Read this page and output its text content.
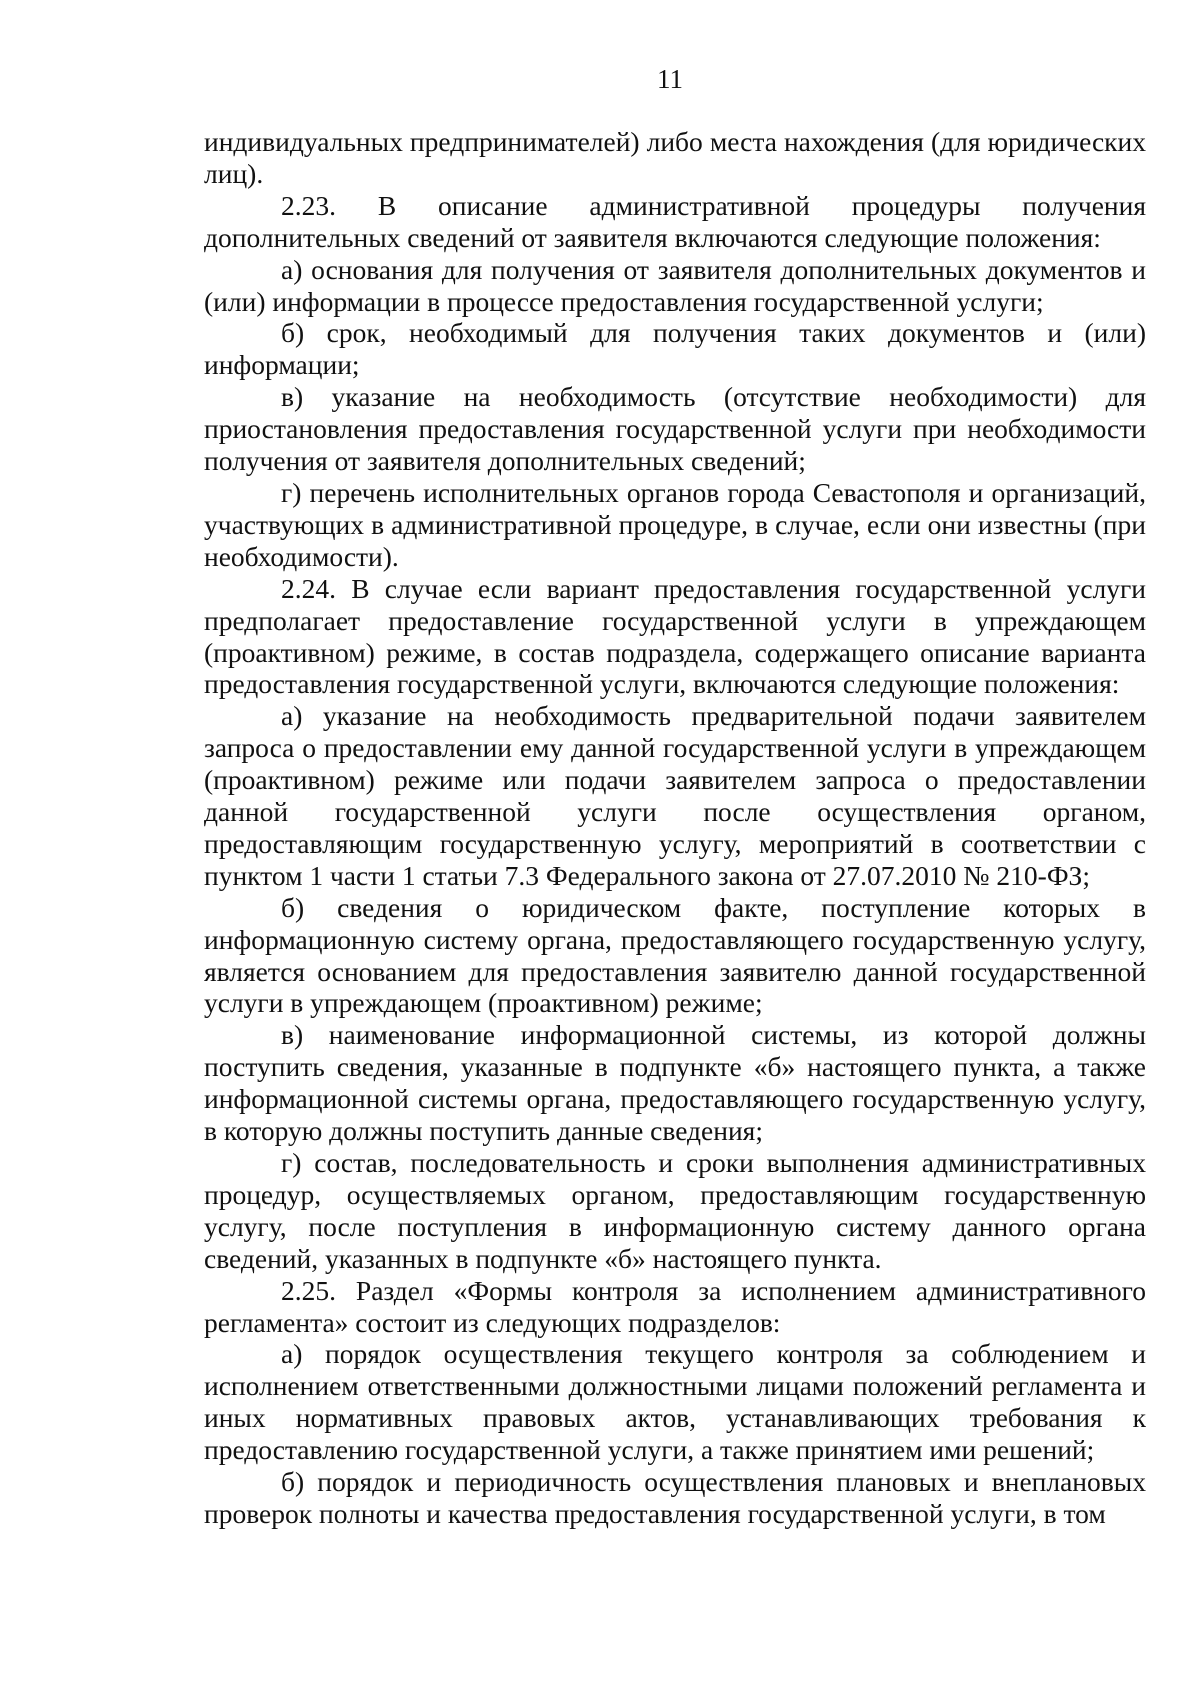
11

индивидуальных предпринимателей) либо места нахождения (для юридических лиц).

2.23. В описание административной процедуры получения дополнительных сведений от заявителя включаются следующие положения:

а) основания для получения от заявителя дополнительных документов и (или) информации в процессе предоставления государственной услуги;

б) срок, необходимый для получения таких документов и (или) информации;

в) указание на необходимость (отсутствие необходимости) для приостановления предоставления государственной услуги при необходимости получения от заявителя дополнительных сведений;

г) перечень исполнительных органов города Севастополя и организаций, участвующих в административной процедуре, в случае, если они известны (при необходимости).

2.24. В случае если вариант предоставления государственной услуги предполагает предоставление государственной услуги в упреждающем (проактивном) режиме, в состав подраздела, содержащего описание варианта предоставления государственной услуги, включаются следующие положения:

а) указание на необходимость предварительной подачи заявителем запроса о предоставлении ему данной государственной услуги в упреждающем (проактивном) режиме или подачи заявителем запроса о предоставлении данной государственной услуги после осуществления органом, предоставляющим государственную услугу, мероприятий в соответствии с пунктом 1 части 1 статьи 7.3 Федерального закона от 27.07.2010 № 210-ФЗ;

б) сведения о юридическом факте, поступление которых в информационную систему органа, предоставляющего государственную услугу, является основанием для предоставления заявителю данной государственной услуги в упреждающем (проактивном) режиме;

в) наименование информационной системы, из которой должны поступить сведения, указанные в подпункте «б» настоящего пункта, а также информационной системы органа, предоставляющего государственную услугу, в которую должны поступить данные сведения;

г) состав, последовательность и сроки выполнения административных процедур, осуществляемых органом, предоставляющим государственную услугу, после поступления в информационную систему данного органа сведений, указанных в подпункте «б» настоящего пункта.

2.25. Раздел «Формы контроля за исполнением административного регламента» состоит из следующих подразделов:

а) порядок осуществления текущего контроля за соблюдением и исполнением ответственными должностными лицами положений регламента и иных нормативных правовых актов, устанавливающих требования к предоставлению государственной услуги, а также принятием ими решений;

б) порядок и периодичность осуществления плановых и внеплановых проверок полноты и качества предоставления государственной услуги, в том
